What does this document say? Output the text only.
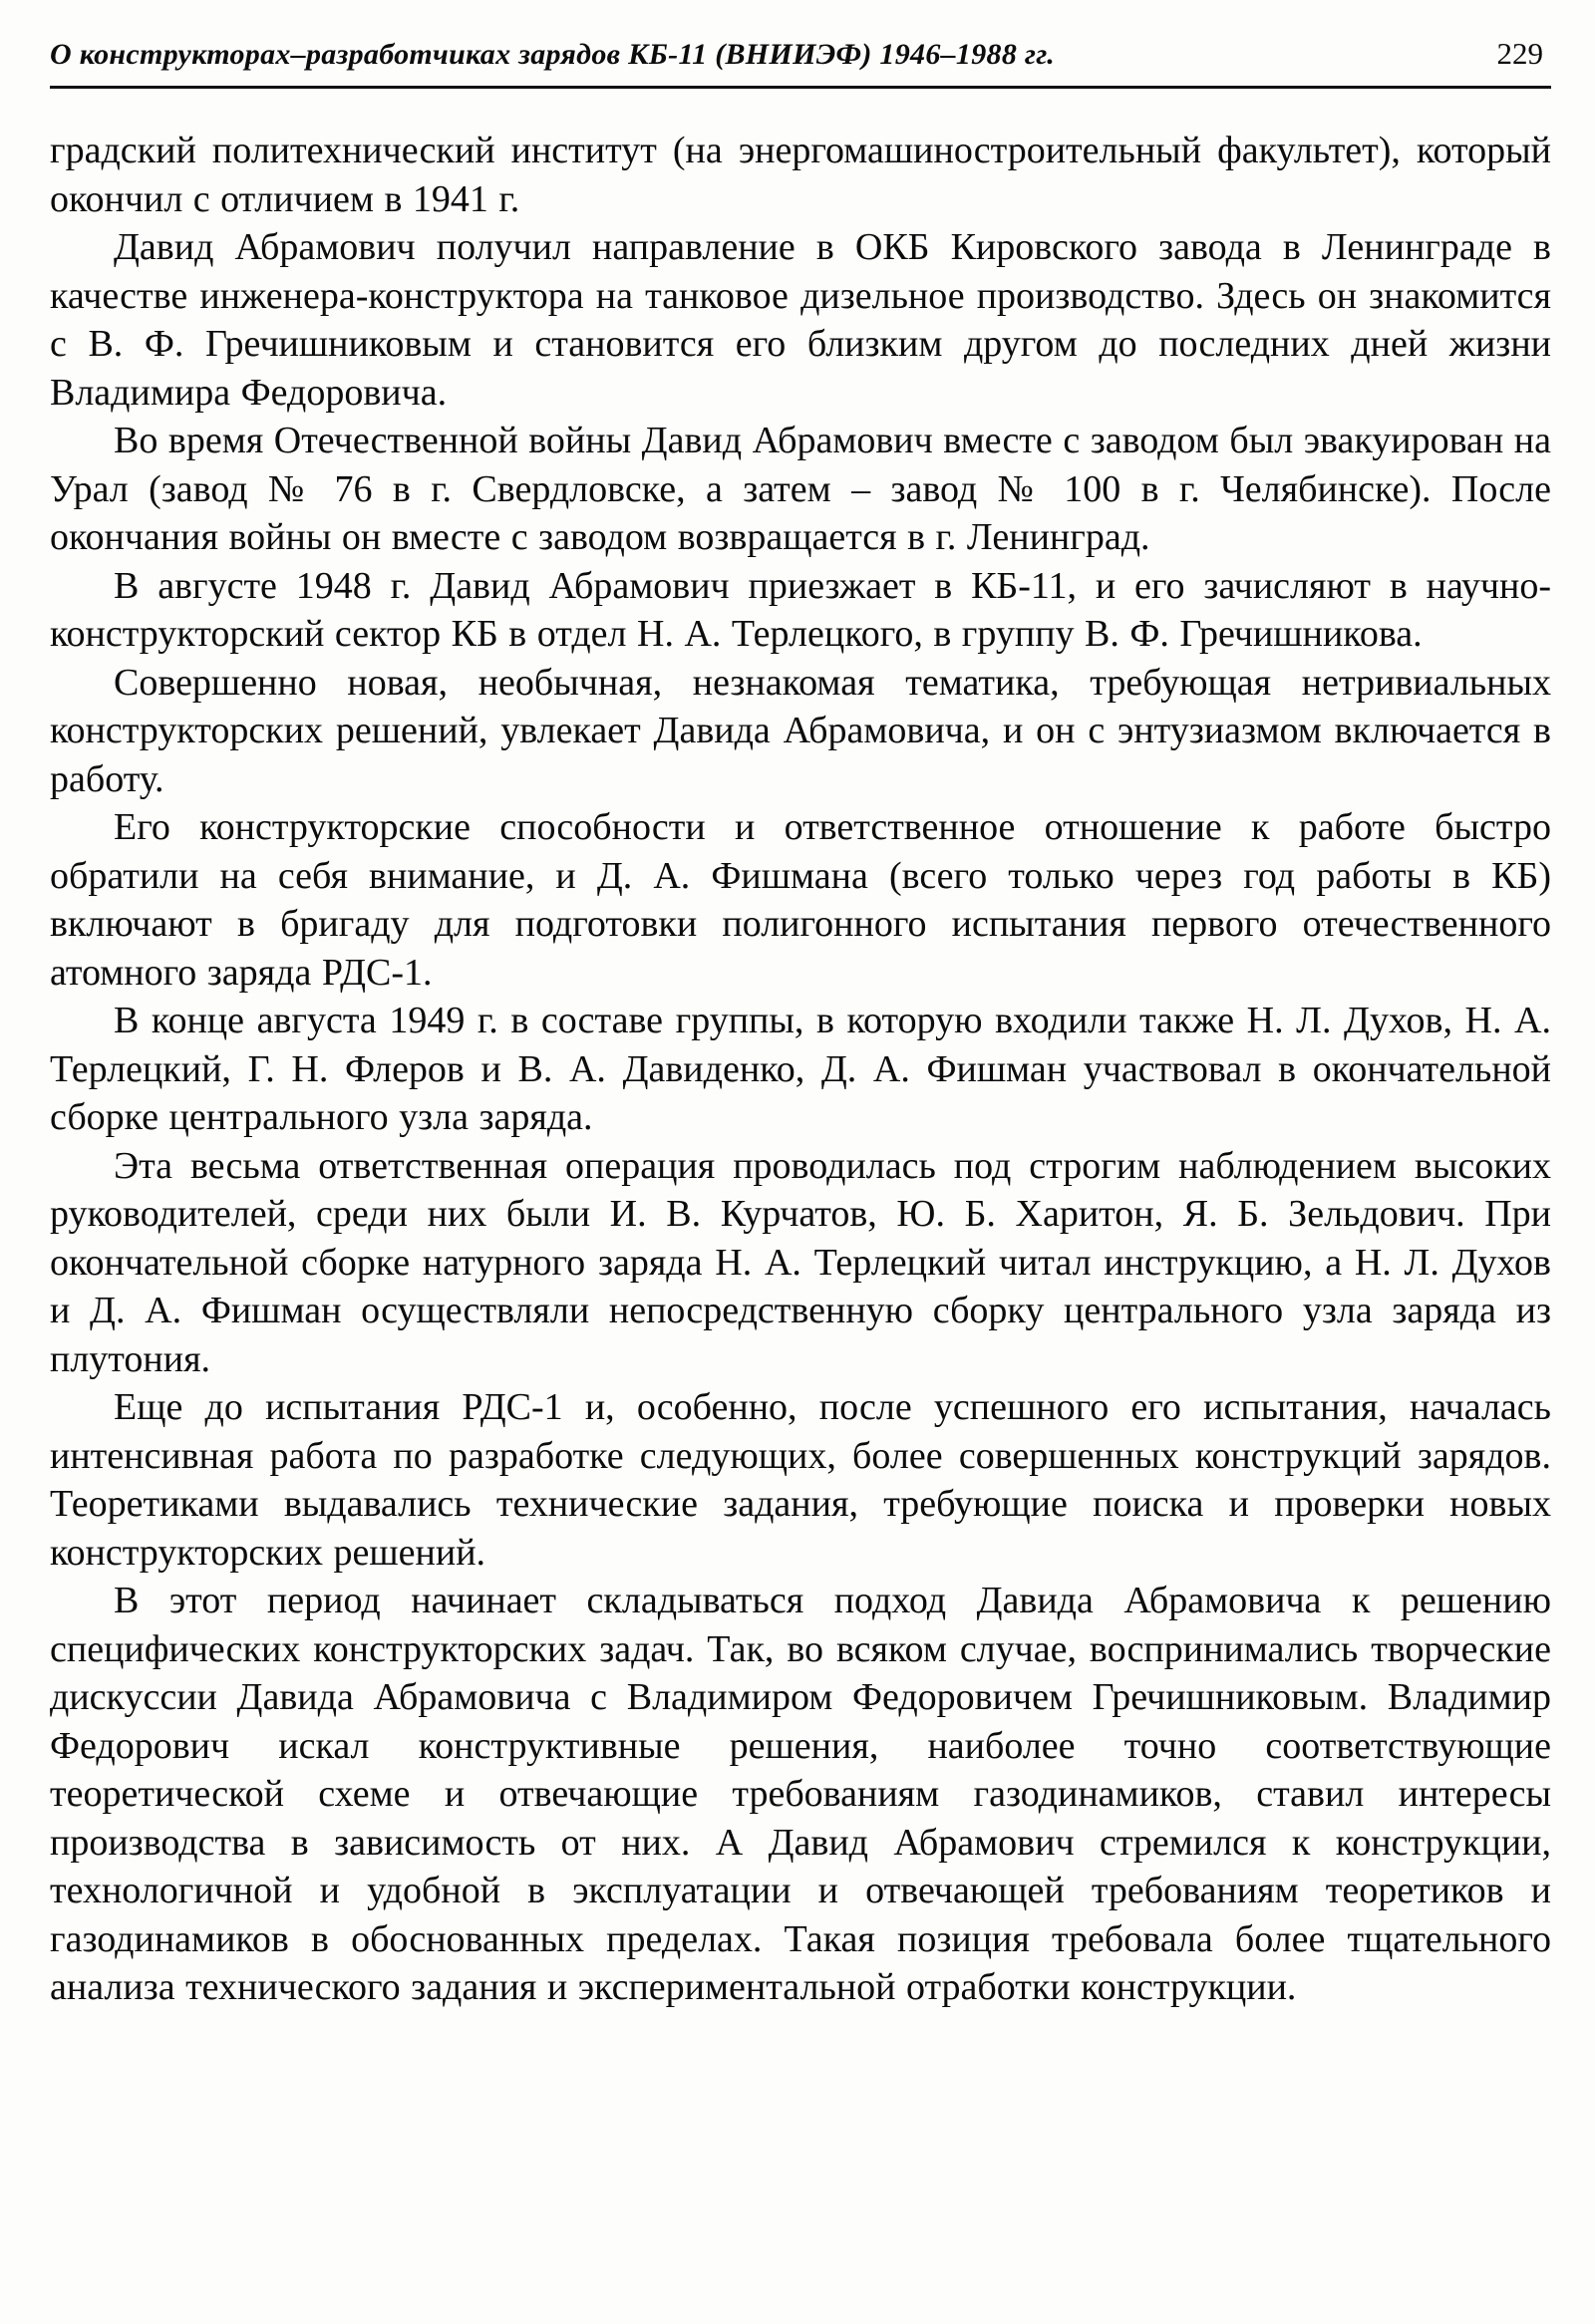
О конструкторах–разработчиках зарядов КБ-11 (ВНИИЭФ) 1946–1988 гг.	229

градский политехнический институт (на энергомашиностроительный факультет), который окончил с отличием в 1941 г.

Давид Абрамович получил направление в ОКБ Кировского завода в Ленинграде в качестве инженера-конструктора на танковое дизельное производство. Здесь он знакомится с В. Ф. Гречишниковым и становится его близким другом до последних дней жизни Владимира Федоровича.

Во время Отечественной войны Давид Абрамович вместе с заводом был эвакуирован на Урал (завод № 76 в г. Свердловске, а затем – завод № 100 в г. Челябинске). После окончания войны он вместе с заводом возвращается в г. Ленинград.

В августе 1948 г. Давид Абрамович приезжает в КБ-11, и его зачисляют в научно-конструкторский сектор КБ в отдел Н. А. Терлецкого, в группу В. Ф. Гречишникова.

Совершенно новая, необычная, незнакомая тематика, требующая нетривиальных конструкторских решений, увлекает Давида Абрамовича, и он с энтузиазмом включается в работу.

Его конструкторские способности и ответственное отношение к работе быстро обратили на себя внимание, и Д. А. Фишмана (всего только через год работы в КБ) включают в бригаду для подготовки полигонного испытания первого отечественного атомного заряда РДС-1.

В конце августа 1949 г. в составе группы, в которую входили также Н. Л. Духов, Н. А. Терлецкий, Г. Н. Флеров и В. А. Давиденко, Д. А. Фишман участвовал в окончательной сборке центрального узла заряда.

Эта весьма ответственная операция проводилась под строгим наблюдением высоких руководителей, среди них были И. В. Курчатов, Ю. Б. Харитон, Я. Б. Зельдович. При окончательной сборке натурного заряда Н. А. Терлецкий читал инструкцию, а Н. Л. Духов и Д. А. Фишман осуществляли непосредственную сборку центрального узла заряда из плутония.

Еще до испытания РДС-1 и, особенно, после успешного его испытания, началась интенсивная работа по разработке следующих, более совершенных конструкций зарядов. Теоретиками выдавались технические задания, требующие поиска и проверки новых конструкторских решений.

В этот период начинает складываться подход Давида Абрамовича к решению специфических конструкторских задач. Так, во всяком случае, воспринимались творческие дискуссии Давида Абрамовича с Владимиром Федоровичем Гречишниковым. Владимир Федорович искал конструктивные решения, наиболее точно соответствующие теоретической схеме и отвечающие требованиям газодинамиков, ставил интересы производства в зависимость от них. А Давид Абрамович стремился к конструкции, технологичной и удобной в эксплуатации и отвечающей требованиям теоретиков и газодинамиков в обоснованных пределах. Такая позиция требовала более тщательного анализа технического задания и экспериментальной отработки конструкции.
